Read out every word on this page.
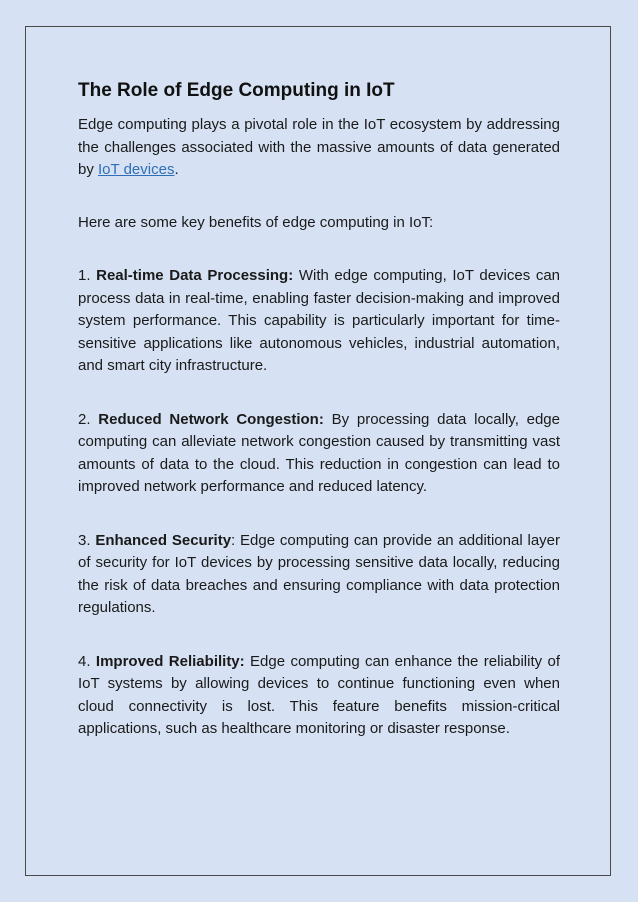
The Role of Edge Computing in IoT

Edge computing plays a pivotal role in the IoT ecosystem by addressing the challenges associated with the massive amounts of data generated by IoT devices.

Here are some key benefits of edge computing in IoT:

1. Real-time Data Processing: With edge computing, IoT devices can process data in real-time, enabling faster decision-making and improved system performance. This capability is particularly important for time-sensitive applications like autonomous vehicles, industrial automation, and smart city infrastructure.

2. Reduced Network Congestion: By processing data locally, edge computing can alleviate network congestion caused by transmitting vast amounts of data to the cloud. This reduction in congestion can lead to improved network performance and reduced latency.

3. Enhanced Security: Edge computing can provide an additional layer of security for IoT devices by processing sensitive data locally, reducing the risk of data breaches and ensuring compliance with data protection regulations.

4. Improved Reliability: Edge computing can enhance the reliability of IoT systems by allowing devices to continue functioning even when cloud connectivity is lost. This feature benefits mission-critical applications, such as healthcare monitoring or disaster response.
